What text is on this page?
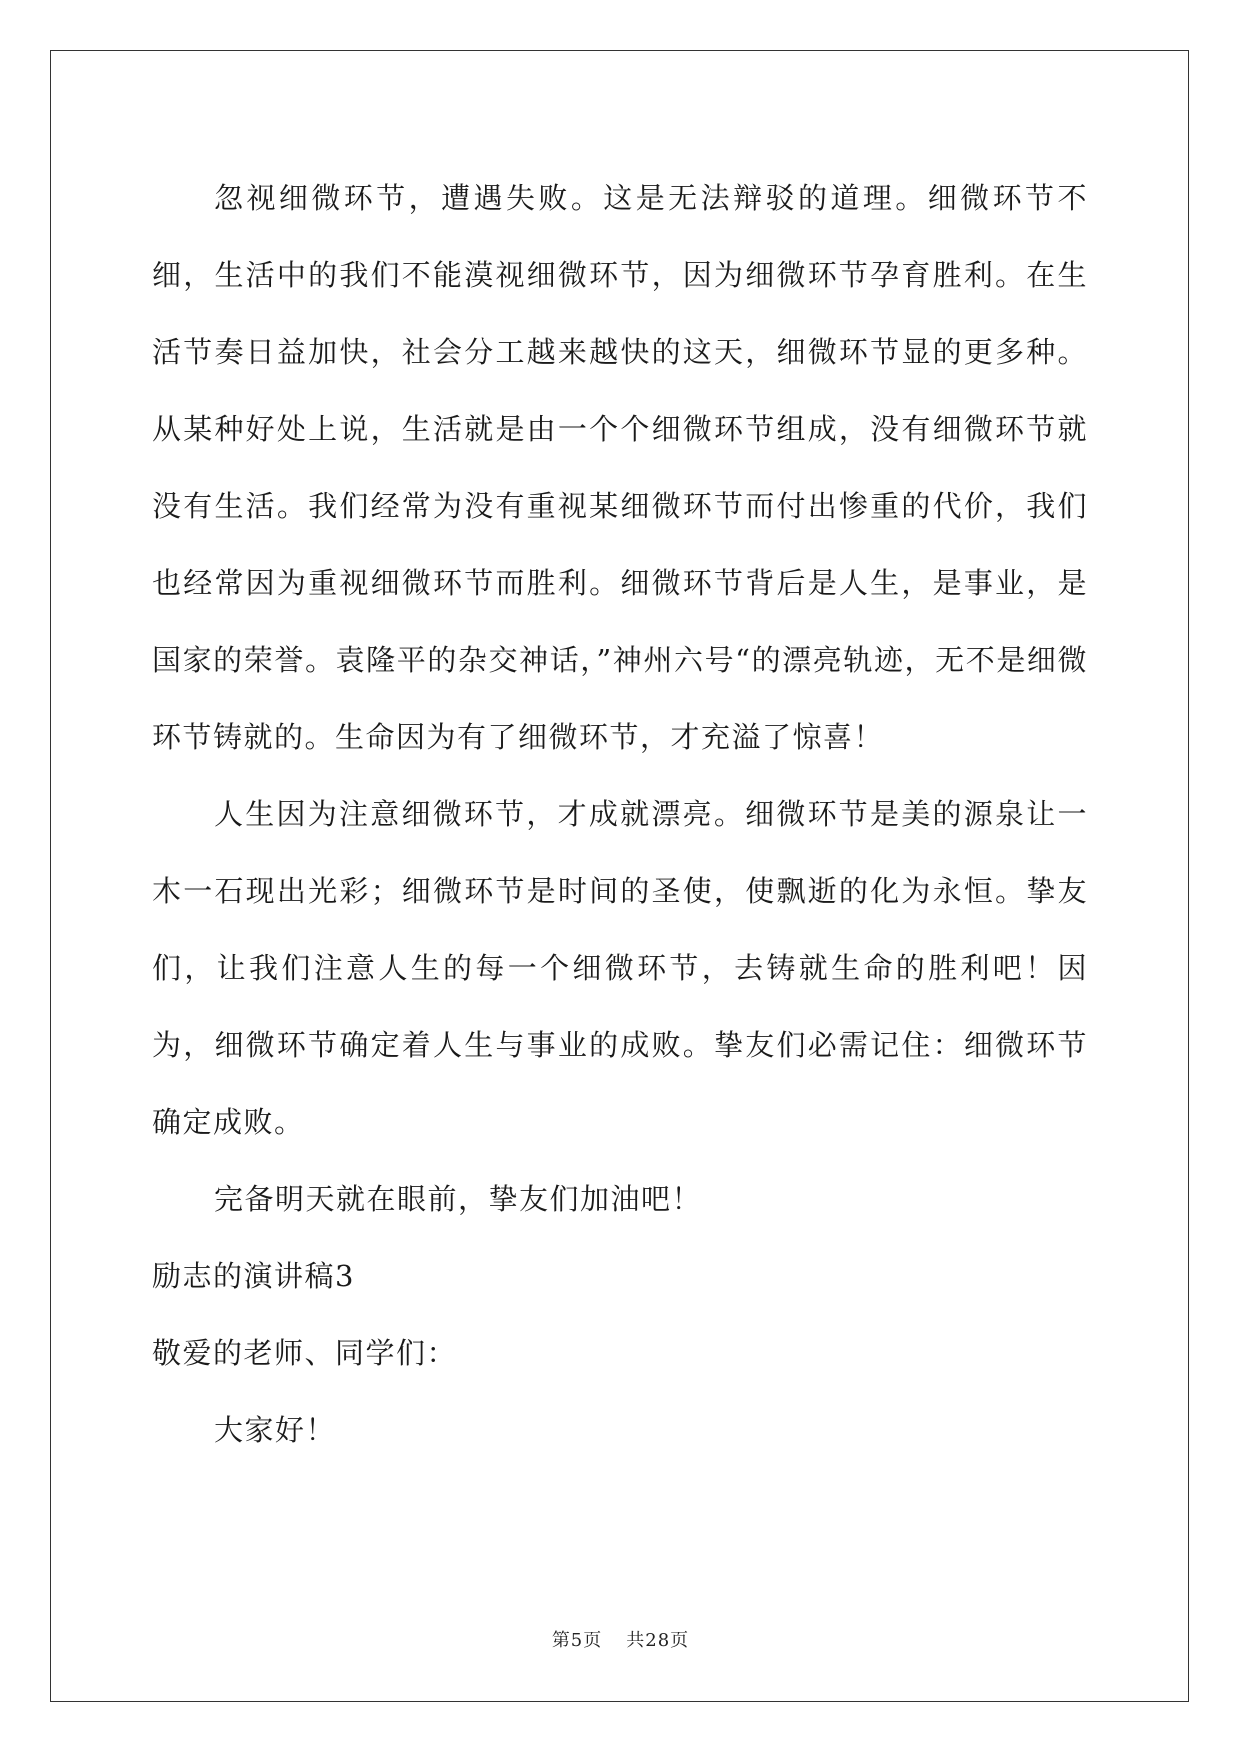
忽视细微环节，遭遇失败。这是无法辩驳的道理。细微环节不细，生活中的我们不能漠视细微环节，因为细微环节孕育胜利。在生活节奏日益加快，社会分工越来越快的这天，细微环节显的更多种。从某种好处上说，生活就是由一个个细微环节组成，没有细微环节就没有生活。我们经常为没有重视某细微环节而付出惨重的代价，我们也经常因为重视细微环节而胜利。细微环节背后是人生，是事业，是国家的荣誉。袁隆平的杂交神话，”神州六号“的漂亮轨迹，无不是细微环节铸就的。生命因为有了细微环节，才充溢了惊喜！

人生因为注意细微环节，才成就漂亮。细微环节是美的源泉让一木一石现出光彩；细微环节是时间的圣使，使飘逝的化为永恒。挚友们，让我们注意人生的每一个细微环节，去铸就生命的胜利吧！因为，细微环节确定着人生与事业的成败。挚友们必需记住：细微环节确定成败。

完备明天就在眼前，挚友们加油吧！

励志的演讲稿3

敬爱的老师、同学们：

大家好！

第5页 共28页
